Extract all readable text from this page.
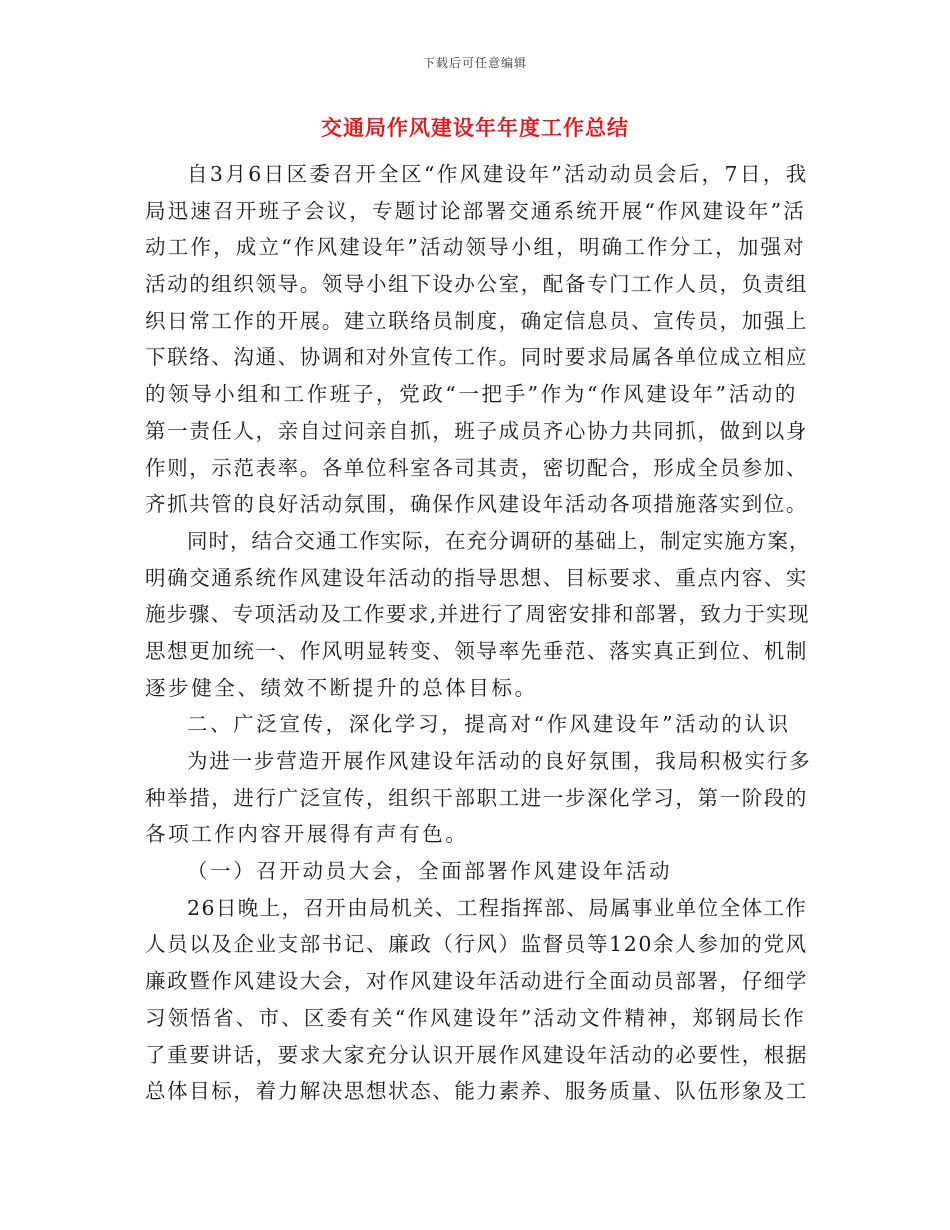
下载后可任意编辑
交通局作风建设年年度工作总结
自3月6日区委召开全区“作风建设年”活动动员会后，7日，我
局迅速召开班子会议，专题讨论部署交通系统开展“作风建设年”活
动工作，成立“作风建设年”活动领导小组，明确工作分工，加强对
活动的组织领导。领导小组下设办公室，配备专门工作人员，负责组
织日常工作的开展。建立联络员制度，确定信息员、宣传员，加强上
下联络、沟通、协调和对外宣传工作。同时要求局属各单位成立相应
的领导小组和工作班子，党政“一把手”作为“作风建设年”活动的
第一责任人，亲自过问亲自抓，班子成员齐心协力共同抓，做到以身
作则，示范表率。各单位科室各司其责，密切配合，形成全员参加、
齐抓共管的良好活动氛围，确保作风建设年活动各项措施落实到位。
同时，结合交通工作实际，在充分调研的基础上，制定实施方案，
明确交通系统作风建设年活动的指导思想、目标要求、重点内容、实
施步骤、专项活动及工作要求,并进行了周密安排和部署，致力于实现
思想更加统一、作风明显转变、领导率先垂范、落实真正到位、机制
逐步健全、绩效不断提升的总体目标。
二、广泛宣传，深化学习，提高对“作风建设年”活动的认识
为进一步营造开展作风建设年活动的良好氛围，我局积极实行多
种举措，进行广泛宣传，组织干部职工进一步深化学习，第一阶段的
各项工作内容开展得有声有色。
（一）召开动员大会，全面部署作风建设年活动
26日晚上，召开由局机关、工程指挥部、局属事业单位全体工作
人员以及企业支部书记、廉政（行风）监督员等120余人参加的党风
廉政暨作风建设大会，对作风建设年活动进行全面动员部署，仔细学
习领悟省、市、区委有关“作风建设年”活动文件精神，郑钢局长作
了重要讲话，要求大家充分认识开展作风建设年活动的必要性，根据
总体目标，着力解决思想状态、能力素养、服务质量、队伍形象及工
